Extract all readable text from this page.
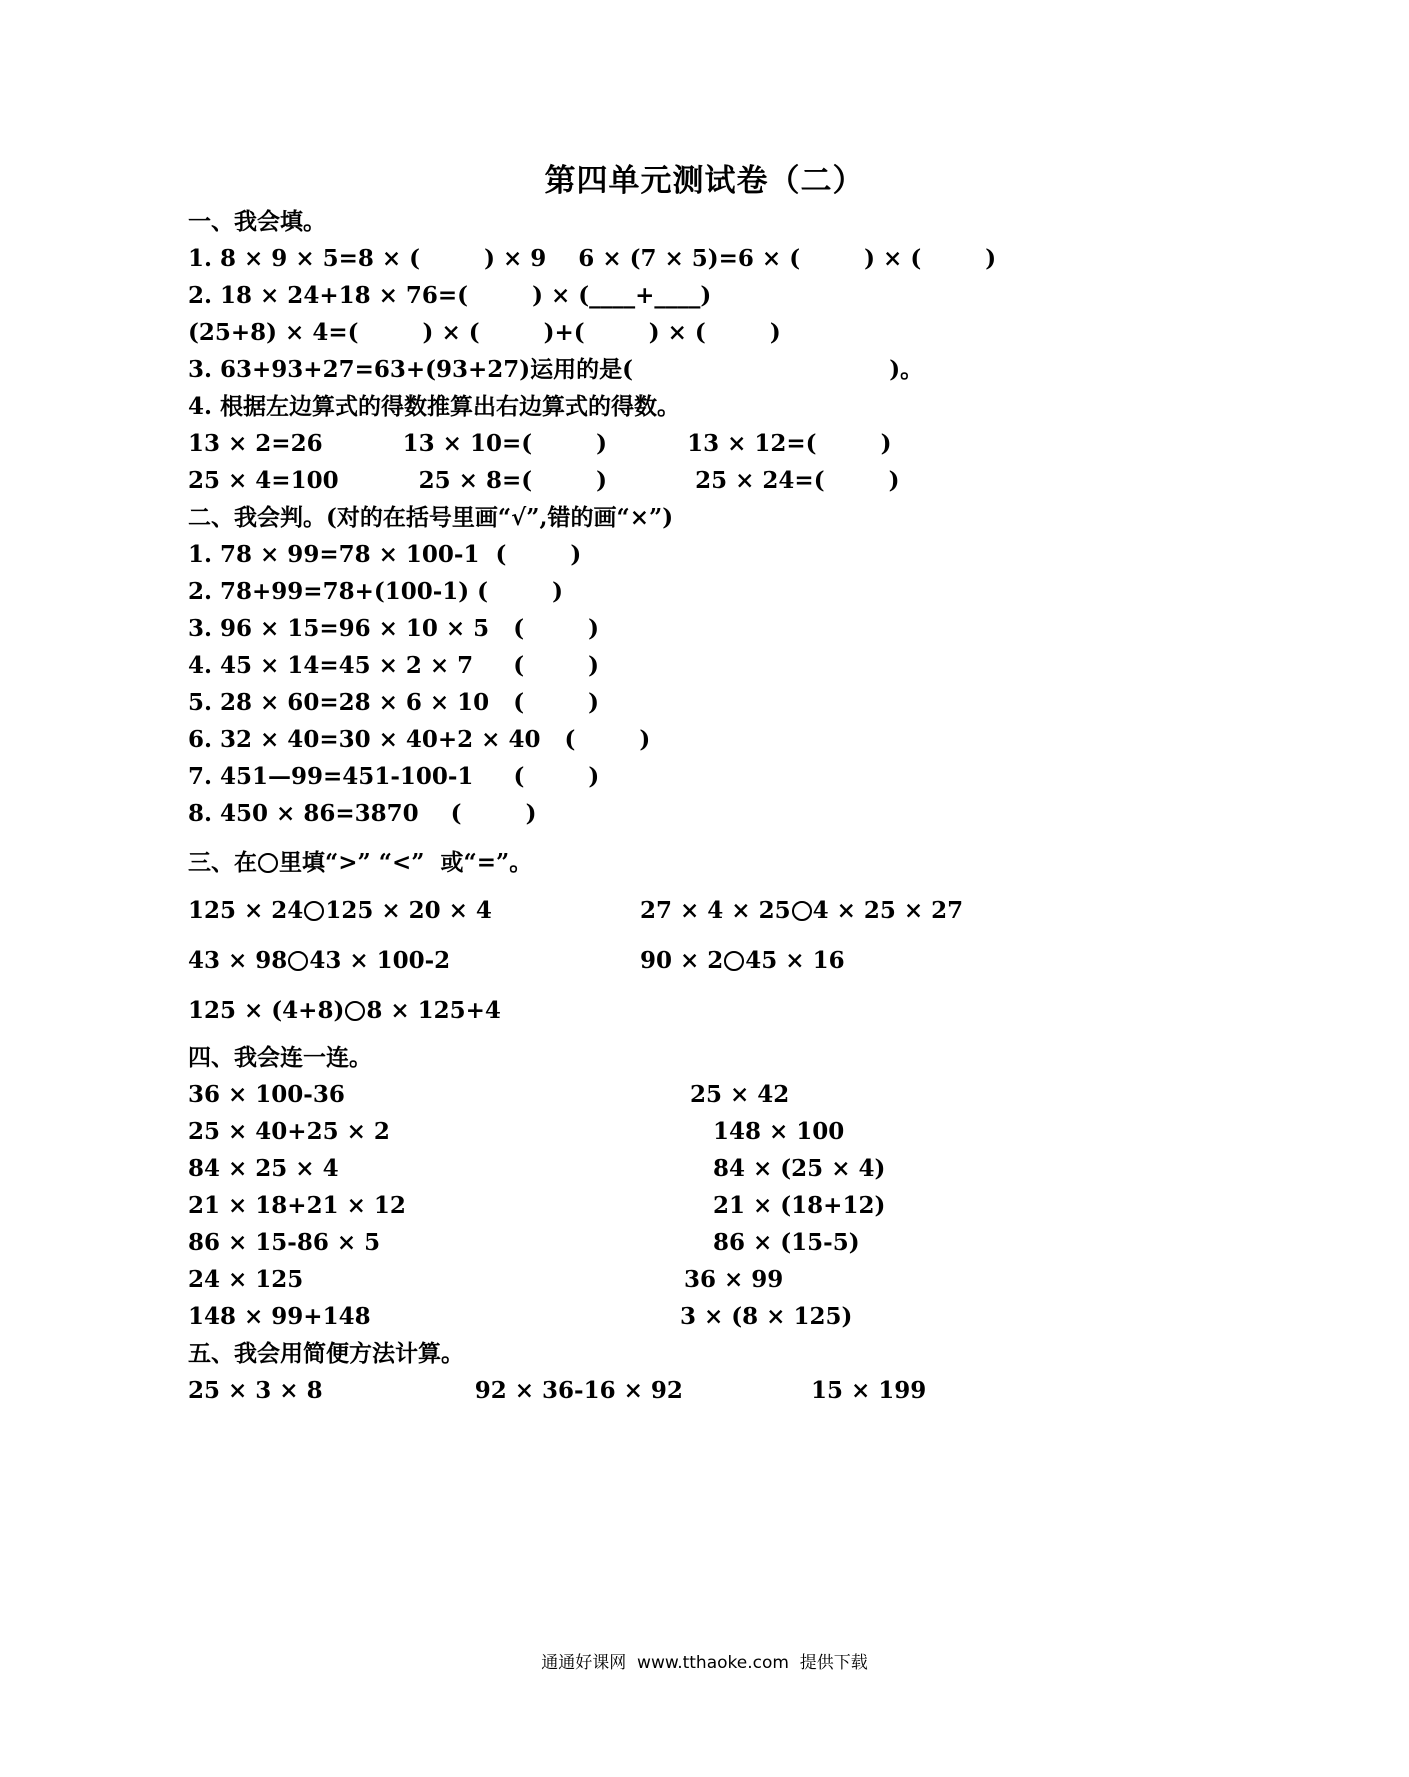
第四单元测试卷（二）
一、我会填。
1. 8 × 9 × 5=8 × (        ) × 9    6 × (7 × 5)=6 × (        ) × (        )
2. 18 × 24+18 × 76=(        ) × (____+____)
(25+8) × 4=(        ) × (        )+(        ) × (        )
3. 63+93+27=63+(93+27)运用的是(                                )。
4. 根据左边算式的得数推算出右边算式的得数。
13 × 2=26          13 × 10=(        )          13 × 12=(        )
25 × 4=100          25 × 8=(        )           25 × 24=(        )
二、我会判。(对的在括号里画“√”,错的画“×”)
1. 78 × 99=78 × 100-1  (        )
2. 78+99=78+(100-1) (        )
3. 96 × 15=96 × 10 × 5   (        )
4. 45 × 14=45 × 2 × 7     (        )
5. 28 × 60=28 × 6 × 10   (        )
6. 32 × 40=30 × 40+2 × 40   (        )
7. 451—99=451-100-1     (        )
8. 450 × 86=3870    (        )
三、在 里填“>” “<”  或“=”。
125 × 24 125 × 20 × 4	27 × 4 × 25 4 × 25 × 27
43 × 98 43 × 100-2	90 × 2 45 × 16
125 × (4+8) 8 × 125+4
四、我会连一连。
36 × 100-36
25 × 40+25 × 2
84 × 25 × 4
21 × 18+21 × 12
86 × 15-86 × 5
24 × 125
148 × 99+148
25 × 42
148 × 100
84 × (25 × 4)
21 × (18+12)
86 × (15-5)
36 × 99
3 × (8 × 125)
五、我会用简便方法计算。
25 × 3 × 8                   92 × 36-16 × 92                15 × 199
通通好课网  www.tthaoke.com  提供下载
